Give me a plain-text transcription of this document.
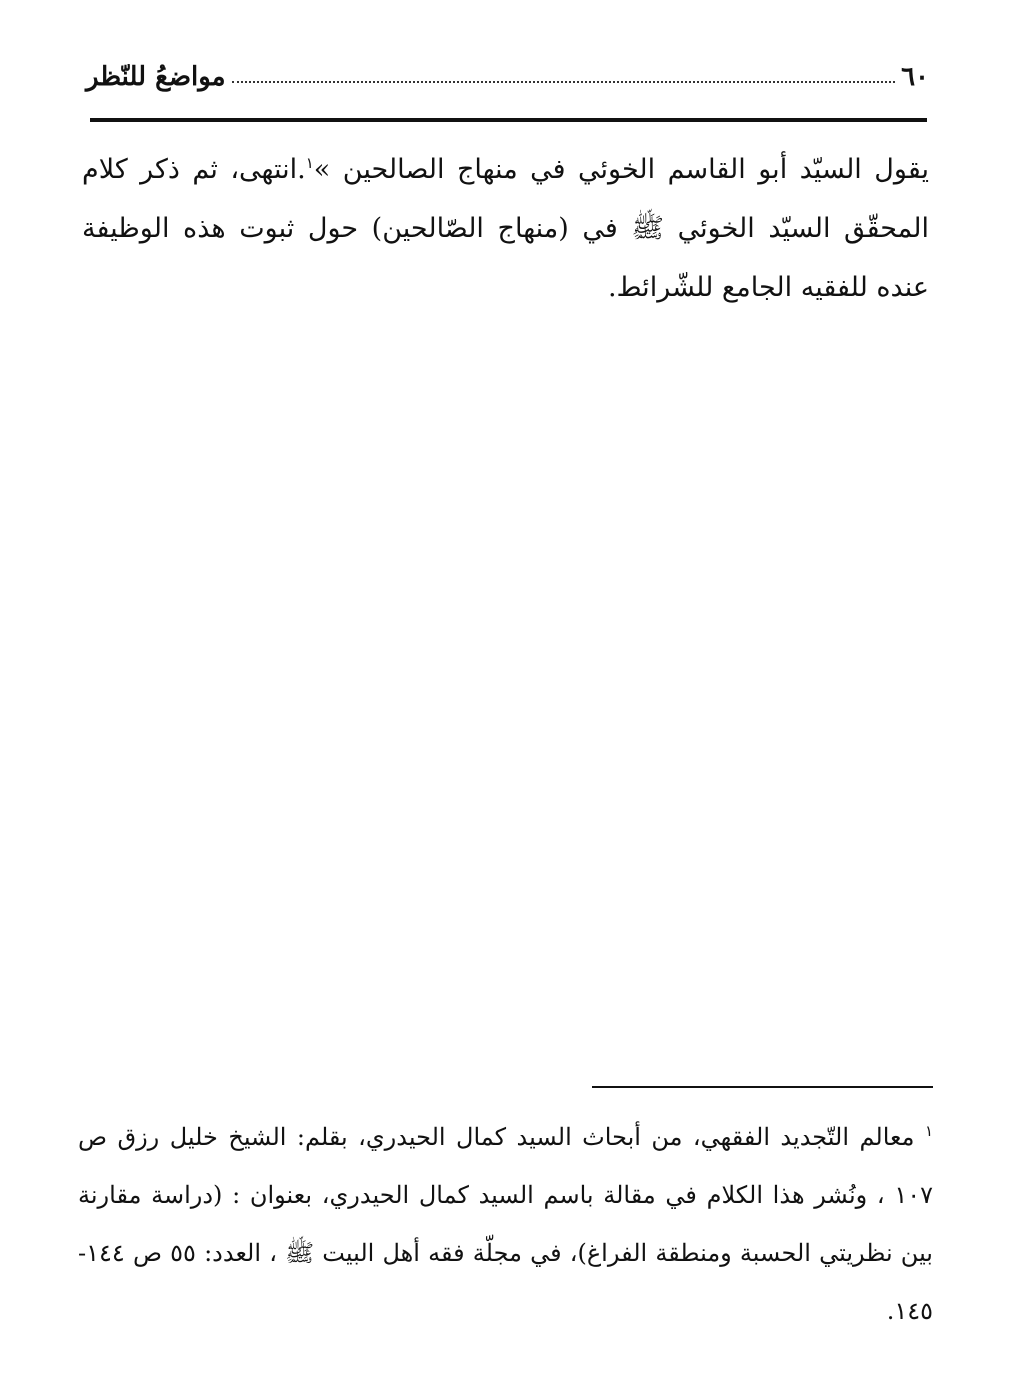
٦٠
مواضعُ للنّظر

يقول السيّد أبو القاسم الخوئي في منهاج الصالحين »$^١$.انتهى، ثم ذكر كلام المحقّق السيّد الخوئي ﷺ في (منهاج الصّالحين) حول ثبوت هذه الوظيفة عنده للفقيه الجامع للشّرائط.

$^١$ معالم التّجديد الفقهي، من أبحاث السيد كمال الحيدري، بقلم: الشيخ خليل رزق ص ١٠٧ ، ونُشر هذا الكلام في مقالة باسم السيد كمال الحيدري، بعنوان : (دراسة مقارنة بين نظريتي الحسبة ومنطقة الفراغ)، في مجلّة فقه أهل البيت ﷺ ، العدد: ٥٥ ص ١٤٤- ١٤٥.
